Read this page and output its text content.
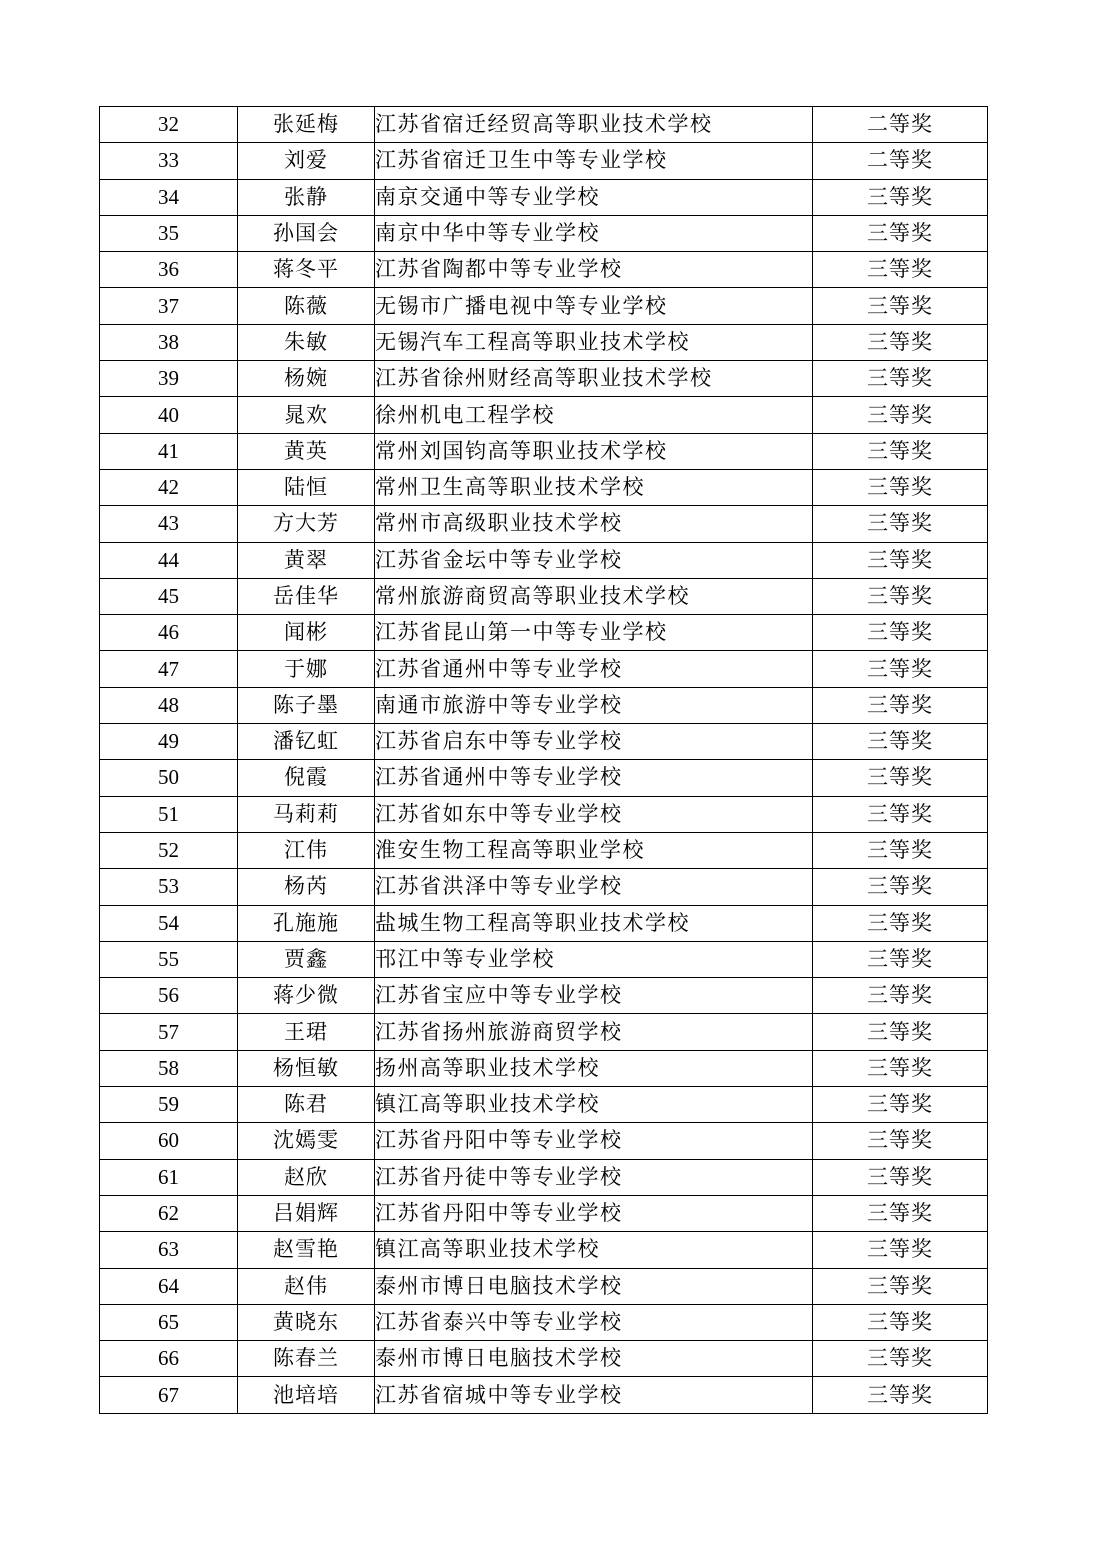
32	张延梅	江苏省宿迁经贸高等职业技术学校	二等奖
33	刘爱	江苏省宿迁卫生中等专业学校	二等奖
34	张静	南京交通中等专业学校	三等奖
35	孙国会	南京中华中等专业学校	三等奖
36	蒋冬平	江苏省陶都中等专业学校	三等奖
37	陈薇	无锡市广播电视中等专业学校	三等奖
38	朱敏	无锡汽车工程高等职业技术学校	三等奖
39	杨婉	江苏省徐州财经高等职业技术学校	三等奖
40	晁欢	徐州机电工程学校	三等奖
41	黄英	常州刘国钧高等职业技术学校	三等奖
42	陆恒	常州卫生高等职业技术学校	三等奖
43	方大芳	常州市高级职业技术学校	三等奖
44	黄翠	江苏省金坛中等专业学校	三等奖
45	岳佳华	常州旅游商贸高等职业技术学校	三等奖
46	闻彬	江苏省昆山第一中等专业学校	三等奖
47	于娜	江苏省通州中等专业学校	三等奖
48	陈子墨	南通市旅游中等专业学校	三等奖
49	潘钇虹	江苏省启东中等专业学校	三等奖
50	倪霞	江苏省通州中等专业学校	三等奖
51	马莉莉	江苏省如东中等专业学校	三等奖
52	江伟	淮安生物工程高等职业学校	三等奖
53	杨芮	江苏省洪泽中等专业学校	三等奖
54	孔施施	盐城生物工程高等职业技术学校	三等奖
55	贾鑫	邗江中等专业学校	三等奖
56	蒋少微	江苏省宝应中等专业学校	三等奖
57	王珺	江苏省扬州旅游商贸学校	三等奖
58	杨恒敏	扬州高等职业技术学校	三等奖
59	陈君	镇江高等职业技术学校	三等奖
60	沈嫣雯	江苏省丹阳中等专业学校	三等奖
61	赵欣	江苏省丹徒中等专业学校	三等奖
62	吕娟辉	江苏省丹阳中等专业学校	三等奖
63	赵雪艳	镇江高等职业技术学校	三等奖
64	赵伟	泰州市博日电脑技术学校	三等奖
65	黄晓东	江苏省泰兴中等专业学校	三等奖
66	陈春兰	泰州市博日电脑技术学校	三等奖
67	池培培	江苏省宿城中等专业学校	三等奖
